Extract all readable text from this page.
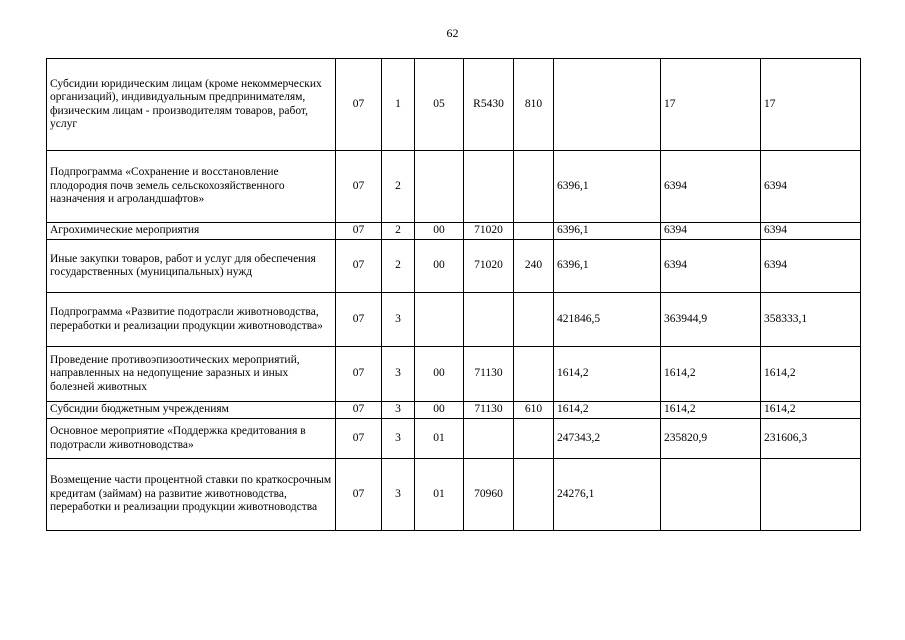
62
Субсидии юридическим лицам (кроме некоммерческих организаций), индивидуальным предпринимателям, физическим лицам - производителям товаров, работ, услуг	07	1	05	R5430	810		17	17
Подпрограмма «Сохранение и восстановление плодородия почв земель сельскохозяйственного назначения и агроландшафтов»	07	2				6396,1	6394	6394
Агрохимические мероприятия	07	2	00	71020		6396,1	6394	6394
Иные закупки товаров, работ и услуг для обеспечения государственных (муниципальных) нужд	07	2	00	71020	240	6396,1	6394	6394
Подпрограмма «Развитие подотрасли животноводства, переработки и реализации продукции животноводства»	07	3				421846,5	363944,9	358333,1
Проведение противоэпизоотических мероприятий, направленных на недопущение заразных и иных болезней животных	07	3	00	71130		1614,2	1614,2	1614,2
Субсидии бюджетным учреждениям	07	3	00	71130	610	1614,2	1614,2	1614,2
Основное мероприятие «Поддержка кредитования в подотрасли животноводства»	07	3	01			247343,2	235820,9	231606,3
Возмещение части процентной ставки по краткосрочным кредитам (займам) на развитие животноводства, переработки и реализации продукции животноводства	07	3	01	70960		24276,1		
